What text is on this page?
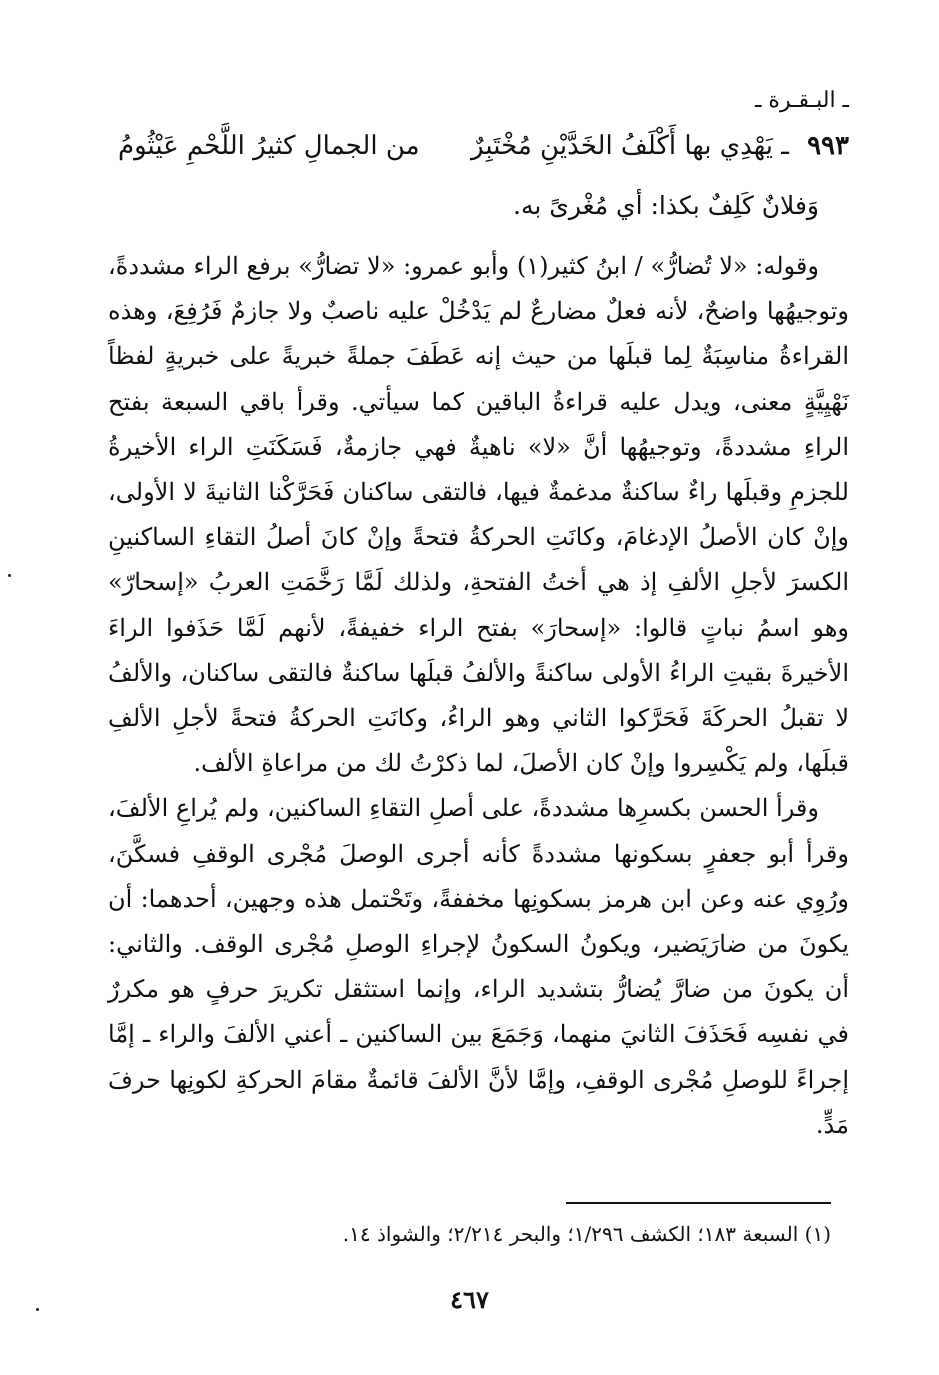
ـ البـقـرة ـ
٩٩٣ ـ يَهْدِي بها أَكْلَفُ الخَدَّيْنِ مُخْتَبِرٌ
من الجمالِ كثيرُ اللَّحْمِ عَيْثُومُ
وَفلانٌ كَلِفٌ بكذا: أي مُغْرىً به.

وقوله: «لا تُضارُّ» / ابنُ كثير(١) وأبو عمرو: «لا تضارُّ» برفع الراء مشددةً، وتوجيهُها واضحٌ، لأنه فعلٌ مضارعٌ لم يَدْخُلْ عليه ناصبٌ ولا جازمٌ فَرُفِعَ، وهذه القراءةُ مناسِبَةٌ لِما قبلَها من حيث إنه عَطَفَ جملةً خبريةً على خبريةٍ لفظاً نَهْيِيَّةٍ معنى، ويدل عليه قراءةُ الباقين كما سيأتي. وقرأ باقي السبعة بفتح الراءِ مشددةً، وتوجيهُها أنَّ «لا» ناهيةٌ فهي جازمةٌ، فَسَكَنَتِ الراء الأخيرةُ للجزمِ وقبلَها راءٌ ساكنةٌ مدغمةٌ فيها، فالتقى ساكنان فَحَرَّكْنا الثانيةَ لا الأولى، وإنْ كان الأصلُ الإدغامَ، وكانَتِ الحركةُ فتحةً وإنْ كانَ أصلُ التقاءِ الساكنينِ الكسرَ لأجلِ الألفِ إذ هي أختُ الفتحةِ، ولذلك لَمَّا رَخَّمَتِ العربُ «إسحارّ» وهو اسمُ نباتٍ قالوا: «إسحارَ» بفتح الراء خفيفةً، لأنهم لَمَّا حَذَفوا الراءَ الأخيرةَ بقيتِ الراءُ الأولى ساكنةً والألفُ قبلَها ساكنةٌ فالتقى ساكنان، والألفُ لا تقبلُ الحركَةَ فَحَرَّكوا الثاني وهو الراءُ، وكانَتِ الحركةُ فتحةً لأجلِ الألفِ قبلَها، ولم يَكْسِروا وإنْ كان الأصلَ، لما ذكرْتُ لك من مراعاةِ الألف.

وقرأ الحسن بكسرِها مشددةً، على أصلِ التقاءِ الساكنين، ولم يُراعِ الألفَ، وقرأ أبو جعفرٍ بسكونها مشددةً كأنه أجرى الوصلَ مُجْرى الوقفِ فسكَّنَ، ورُوِي عنه وعن ابن هرمز بسكونِها مخففةً، وتَحْتمل هذه وجهين، أحدهما: أن يكونَ من ضارَيَضير، ويكونُ السكونُ لإجراءِ الوصلِ مُجْرى الوقف. والثاني: أن يكونَ من ضارَّ يُضارُّ بتشديد الراء، وإنما استثقل تكريرَ حرفٍ هو مكررٌ في نفسِه فَحَذَفَ الثانيَ منهما، وَجَمَعَ بين الساكنين ـ أعني الألفَ والراء ـ إمَّا إجراءً للوصلِ مُجْرى الوقفِ، وإمَّا لأنَّ الألفَ قائمةٌ مقامَ الحركةِ لكونِها حرفَ مَدٍّ.

(١) السبعة ١٨٣؛ الكشف ١/٢٩٦؛ والبحر ٢/٢١٤؛ والشواذ ١٤.
٤٦٧
